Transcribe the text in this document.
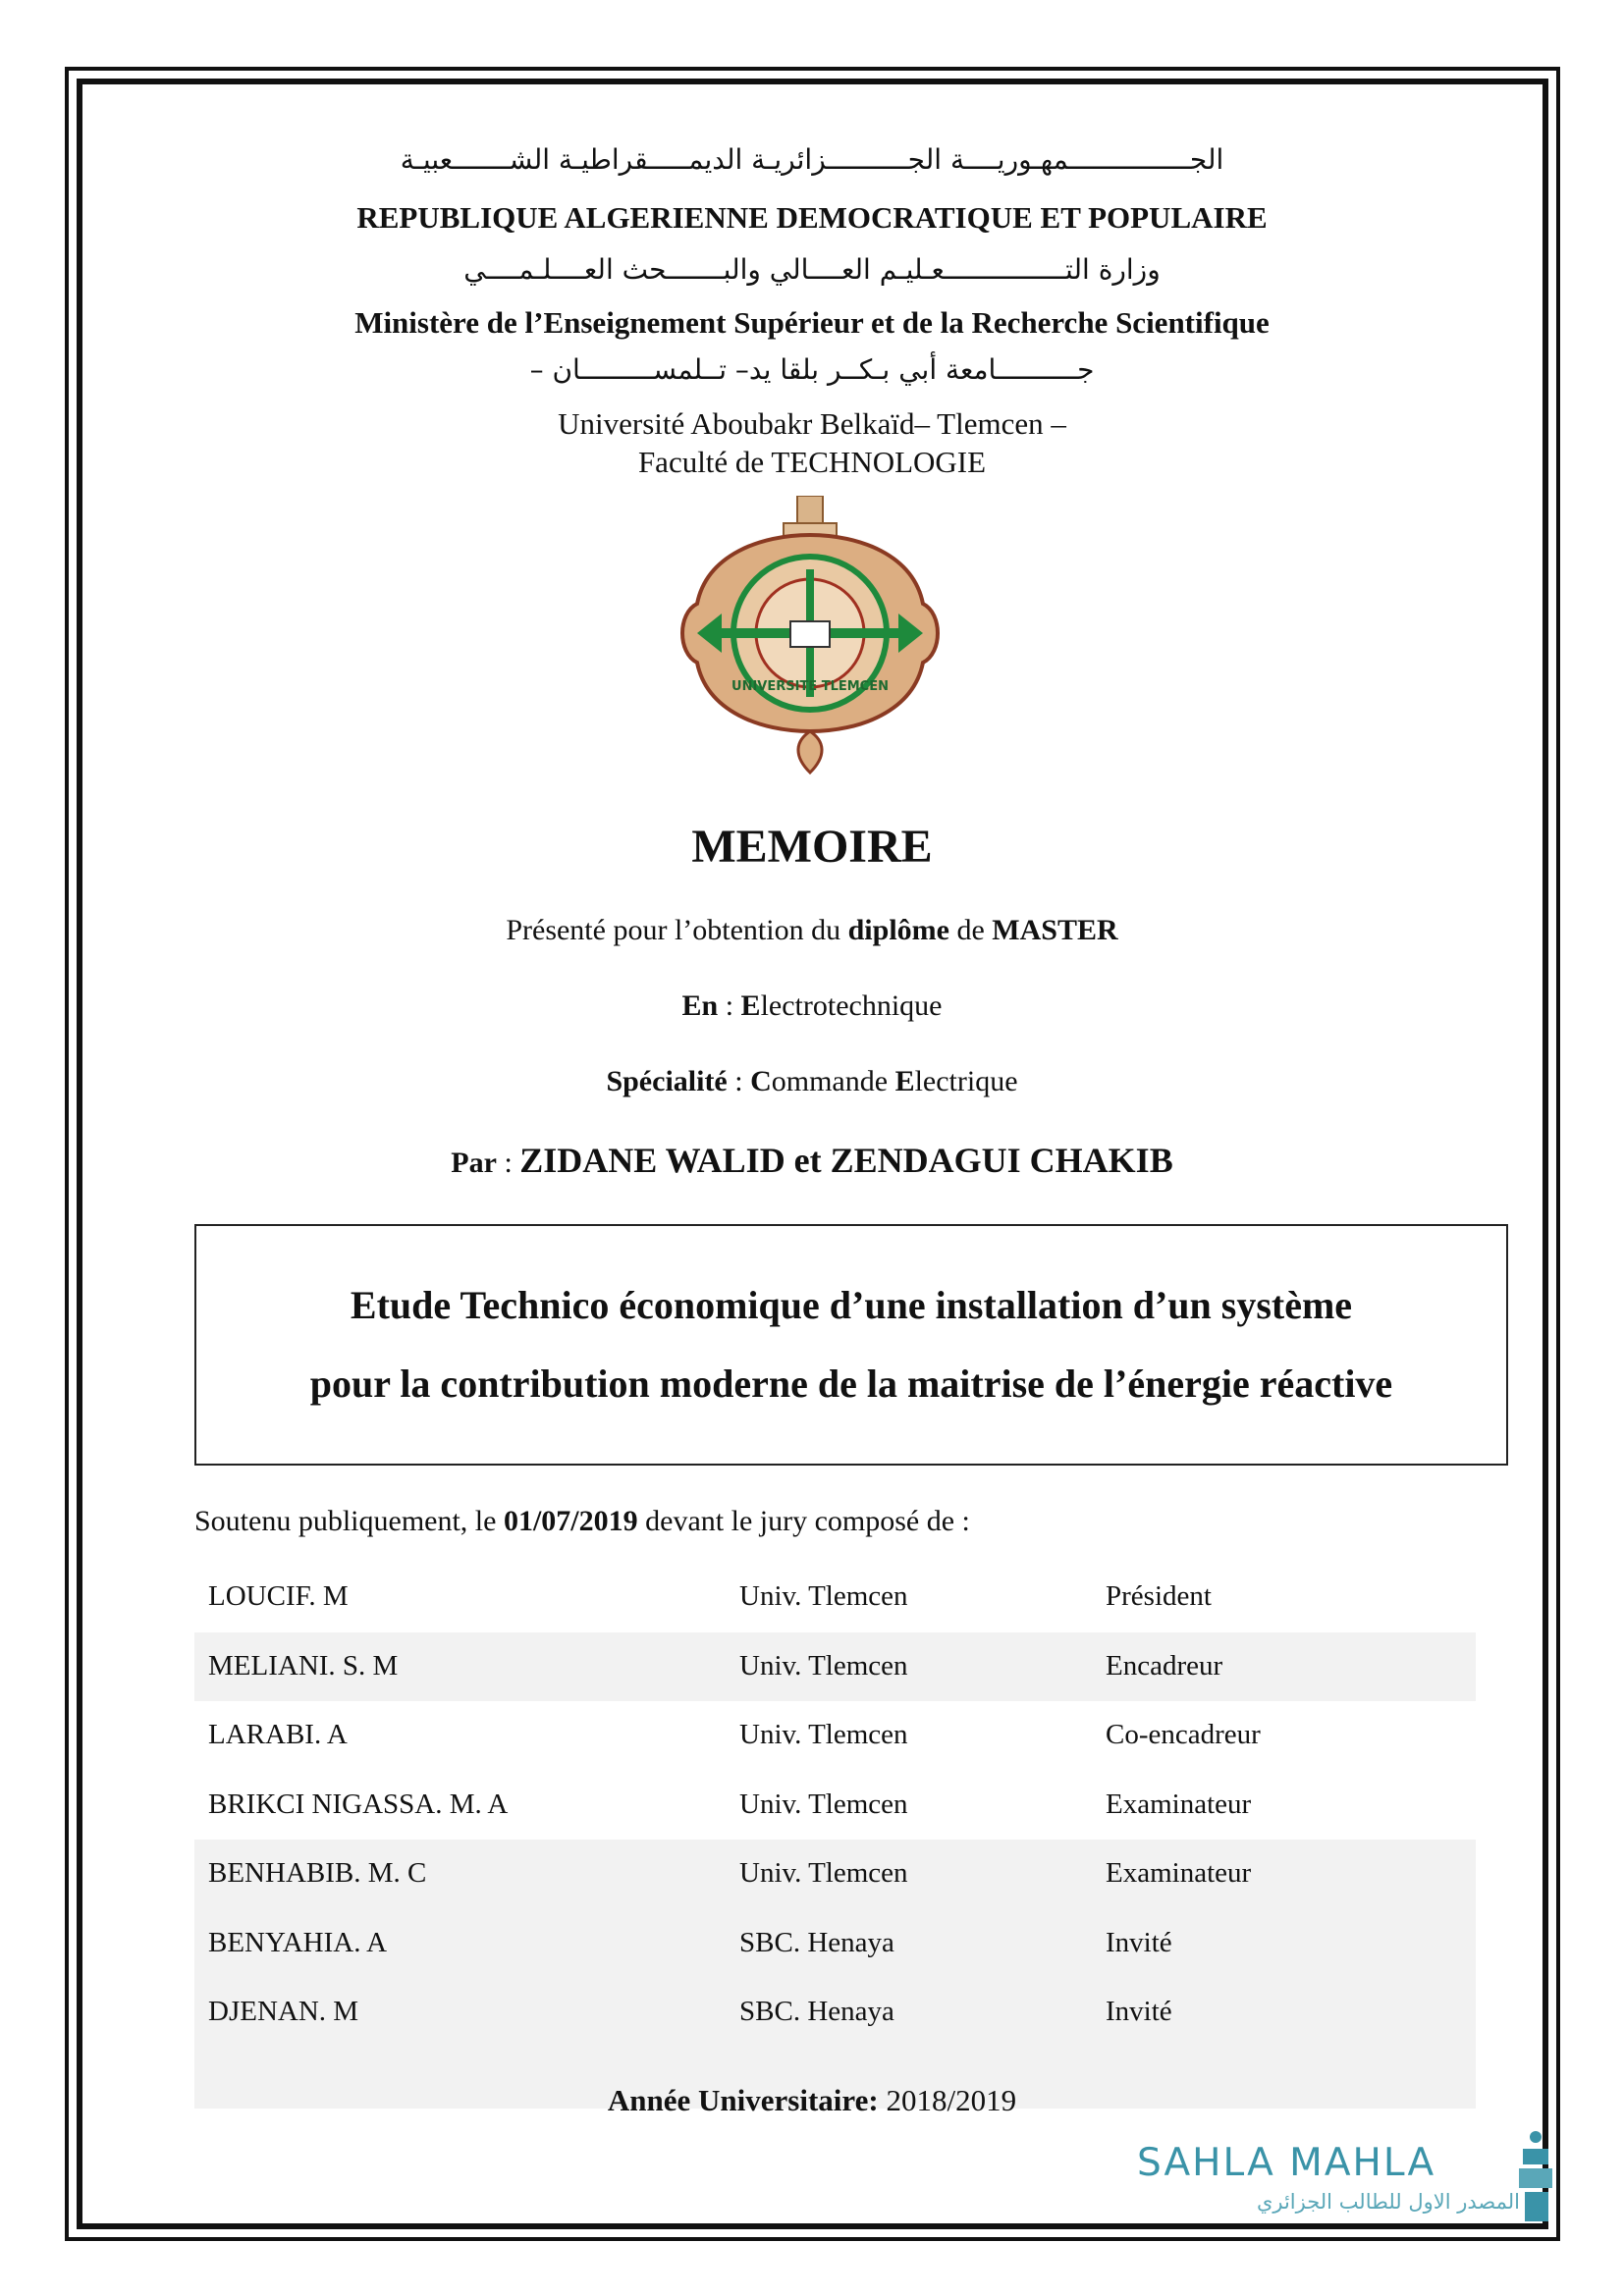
الجـــــــــــــــمهـوريــــة الجــــــــــزائريـة الديمـــــقراطيـة الشـــــــعبيـة
REPUBLIQUE ALGERIENNE DEMOCRATIQUE ET POPULAIRE
وزارة التـــــــــــــــعـليـم العــــالي والبـــــــحث العــــلـمــــي
Ministère de l’Enseignement Supérieur et de la Recherche Scientifique
جــــــــــامعة أبي بـكــر بلقا يد– تــلمســـــــــان –
Université Aboubakr Belkaïd– Tlemcen –
Faculté de TECHNOLOGIE
UNIVERSITE TLEMCEN
MEMOIRE
Présenté pour l’obtention du diplôme de MASTER
En : Electrotechnique
Spécialité : Commande Electrique
Par : ZIDANE WALID et ZENDAGUI CHAKIB
Etude Technico économique d’une installation d’un système
pour la contribution moderne de la maitrise de l’énergie réactive
Soutenu publiquement, le 01/07/2019 devant le jury composé de :
LOUCIF. M	Univ. Tlemcen	Président
MELIANI. S. M	Univ. Tlemcen	Encadreur
LARABI. A	Univ. Tlemcen	Co-encadreur
BRIKCI NIGASSA. M. A	Univ. Tlemcen	Examinateur
BENHABIB. M. C	Univ. Tlemcen	Examinateur
BENYAHIA. A	SBC. Henaya	Invité
DJENAN. M	SBC. Henaya	Invité
Année Universitaire: 2018/2019
SAHLA MAHLA
المصدر الاول للطالب الجزائري
